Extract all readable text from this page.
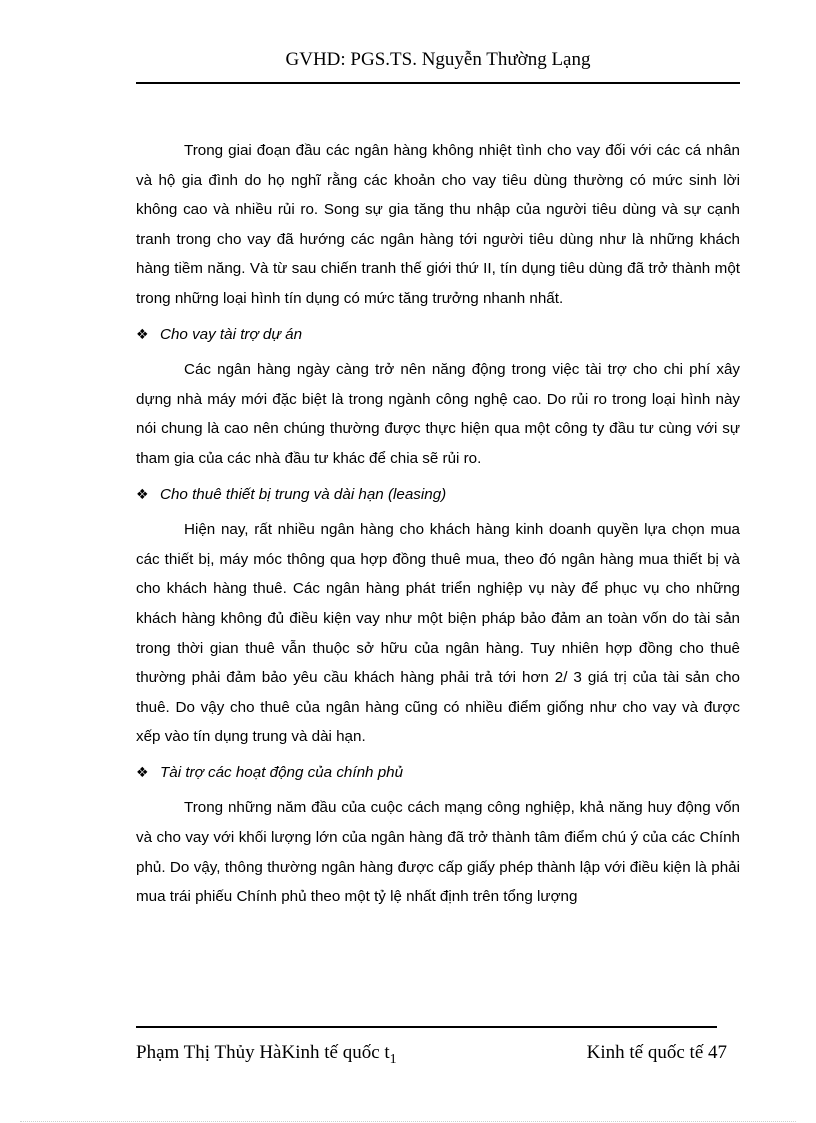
GVHD: PGS.TS. Nguyễn Thường Lạng

Trong giai đoạn đầu các ngân hàng không nhiệt tình cho vay đối với các cá nhân và hộ gia đình do họ nghĩ rằng các khoản cho vay tiêu dùng thường có mức sinh lời không cao và nhiều rủi ro. Song sự gia tăng thu nhập của người tiêu dùng và sự cạnh tranh trong cho vay đã hướng các ngân hàng tới người tiêu dùng như là những khách hàng tiềm năng. Và từ sau chiến tranh thế giới thứ II, tín dụng tiêu dùng đã trở thành một trong những loại hình tín dụng có mức tăng trưởng nhanh nhất.

❖ Cho vay tài trợ dự án

Các ngân hàng ngày càng trở nên năng động trong việc tài trợ cho chi phí xây dựng nhà máy mới đặc biệt là trong ngành công nghệ cao. Do rủi ro trong loại hình này nói chung là cao nên chúng thường được thực hiện qua một công ty đầu tư cùng với sự tham gia của các nhà đầu tư khác để chia sẽ rủi ro.

❖ Cho thuê thiết bị trung và dài hạn (leasing)

Hiện nay, rất nhiều ngân hàng cho khách hàng kinh doanh quyền lựa chọn mua các thiết bị, máy móc thông qua hợp đồng thuê mua, theo đó ngân hàng mua thiết bị và cho khách hàng thuê. Các ngân hàng phát triển nghiệp vụ này để phục vụ cho những khách hàng không đủ điều kiện vay như một biện pháp bảo đảm an toàn vốn do tài sản trong thời gian thuê vẫn thuộc sở hữu của ngân hàng. Tuy nhiên hợp đồng cho thuê thường phải đảm bảo yêu cầu khách hàng phải trả tới hơn 2/ 3 giá trị của tài sản cho thuê. Do vậy cho thuê của ngân hàng cũng có nhiều điểm giống như cho vay và được xếp vào tín dụng trung và dài hạn.

❖ Tài trợ các hoạt động của chính phủ

Trong những năm đầu của cuộc cách mạng công nghiệp, khả năng huy động vốn và cho vay với khối lượng lớn của ngân hàng đã trở thành tâm điểm chú ý của các Chính phủ. Do vậy, thông thường ngân hàng được cấp giấy phép thành lập với điều kiện là phải mua trái phiếu Chính phủ theo một tỷ lệ nhất định trên tổng lượng

Phạm Thị Thủy HàKinh tế quốc $t_1$	Kinh tế quốc tế 47
